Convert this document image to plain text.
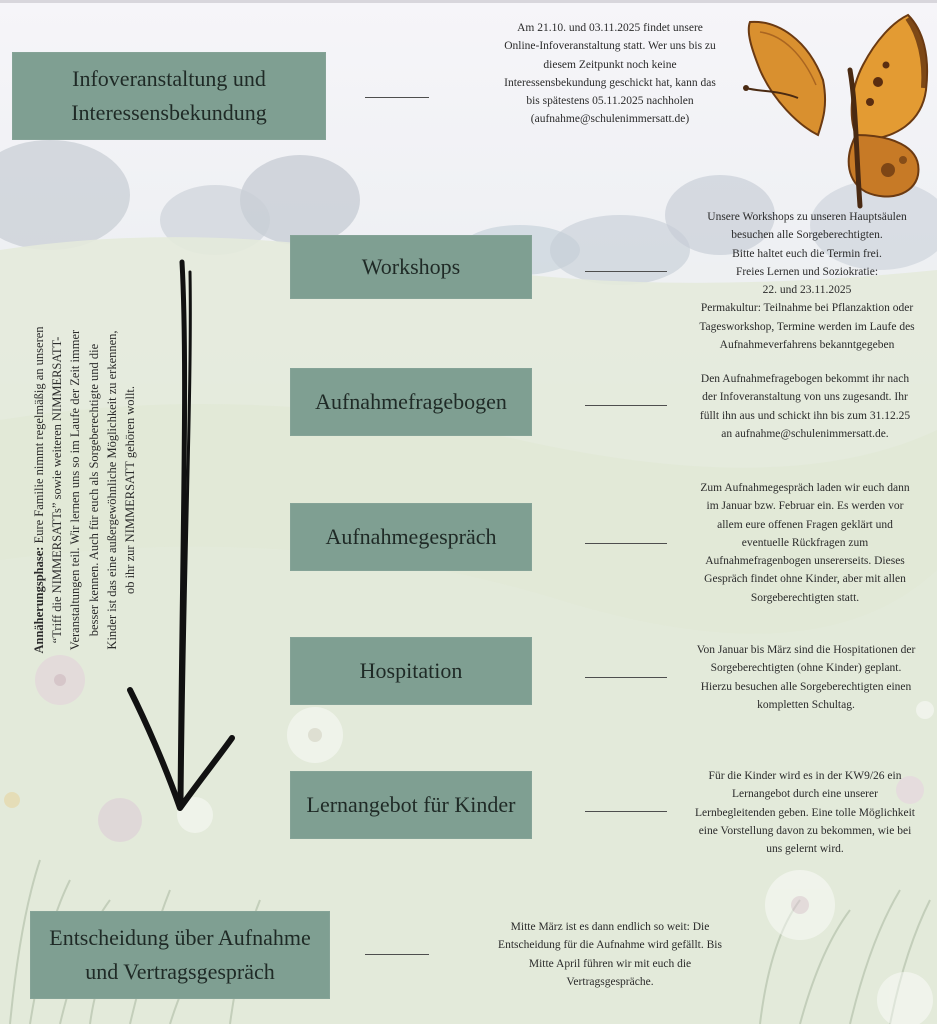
Infoveranstaltung und
Interessensbekundung
Am 21.10. und 03.11.2025 findet unsere
Online-Infoveranstaltung statt. Wer uns bis zu
diesem Zeitpunkt noch keine
Interessensbekundung geschickt hat, kann das
bis spätestens 05.11.2025 nachholen
(aufnahme@schulenimmersatt.de)
Workshops
Unsere Workshops zu unseren Hauptsäulen
besuchen alle Sorgeberechtigten.
Bitte haltet euch die Termin frei.
Freies Lernen und Soziokratie:
22. und 23.11.2025
Permakultur: Teilnahme bei Pflanzaktion oder
Tagesworkshop, Termine werden im Laufe des
Aufnahmeverfahrens bekanntgegeben
Aufnahmefragebogen
Den Aufnahmefragebogen bekommt ihr nach
der Infoveranstaltung von uns zugesandt. Ihr
füllt ihn aus und schickt ihn bis zum 31.12.25
an aufnahme@schulenimmersatt.de.
Aufnahmegespräch
Zum Aufnahmegespräch laden wir euch dann
im Januar bzw. Februar ein. Es werden vor
allem eure offenen Fragen geklärt und
eventuelle Rückfragen zum
Aufnahmefragenbogen unsererseits. Dieses
Gespräch findet ohne Kinder, aber mit allen
Sorgeberechtigten statt.
Hospitation
Von Januar bis März sind die Hospitationen der
Sorgeberechtigten (ohne Kinder) geplant.
Hierzu besuchen alle Sorgeberechtigten einen
kompletten Schultag.
Lernangebot für Kinder
Für die Kinder wird es in der KW9/26 ein
Lernangebot durch eine unserer
Lernbegleitenden geben. Eine tolle Möglichkeit
eine Vorstellung davon zu bekommen, wie bei
uns gelernt wird.
Entscheidung über Aufnahme
und Vertragsgespräch
Mitte März ist es dann endlich so weit: Die
Entscheidung für die Aufnahme wird gefällt. Bis
Mitte April führen wir mit euch die
Vertragsgespräche.
Annäherungsphase: Eure Familie nimmt regelmäßig an unseren “Triff die NIMMERSATTs” sowie weiteren NIMMERSATT- Veranstaltungen teil. Wir lernen uns so im Laufe der Zeit immer besser kennen. Auch für euch als Sorgeberechtigte und die Kinder ist das eine außergewöhnliche Möglichkeit zu erkennen, ob ihr zur NIMMERSATT gehören wollt.
